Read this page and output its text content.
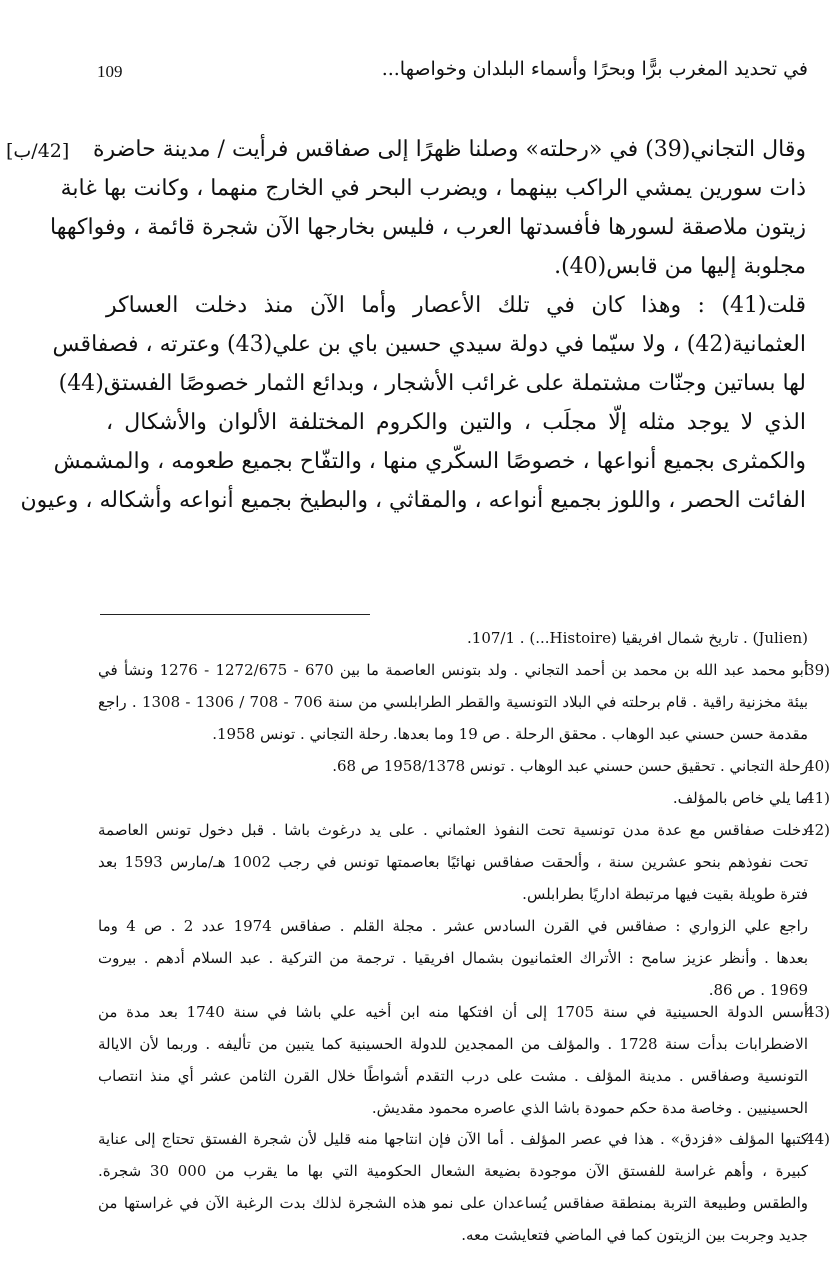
في تحديد المغرب برًّا وبحرًا وأسماء البلدان وخواصها...
109
[42/ب] وقال التجاني(39) في «رحلته» وصلنا ظهرًا إلى صفاقس فرأيت / مدينة حاضرة
ذات سورين يمشي الراكب بينهما ، ويضرب البحر في الخارج منهما ، وكانت بها غابة
زيتون ملاصقة لسورها فأفسدتها العرب ، فليس بخارجها الآن شجرة قائمة ، وفواكهها
مجلوبة إليها من قابس(40).
قلت(41) : وهذا كان في تلك الأعصار وأما الآن منذ دخلت العساكر
العثمانية(42) ، ولا سيّما في دولة سيدي حسين باي بن علي(43) وعترته ، فصفاقس
لها بساتين وجنّات مشتملة على غرائب الأشجار ، وبدائع الثمار خصوصًا الفستق(44)
الذي لا يوجد مثله إلّا مجلَب ، والتين والكروم المختلفة الألوان والأشكال ،
والكمثرى بجميع أنواعها ، خصوصًا السكّري منها ، والتفّاح بجميع طعومه ، والمشمش
الفائت الحصر ، واللوز بجميع أنواعه ، والمقاثي ، والبطيخ بجميع أنواعه وأشكاله ، وعيون
(Julien) . تاريخ شمال افريقيا (Histoire...) . 107/1.
39)
أبو محمد عبد الله بن محمد بن أحمد التجاني . ولد بتونس العاصمة ما بين 670 - 1272/675 - 1276 ونشأ في
بيئة مخزنية راقية . قام برحلته في البلاد التونسية والقطر الطرابلسي من سنة 706 - 708 / 1306 - 1308 . راجع
مقدمة حسن حسني عبد الوهاب . محقق الرحلة . ص 19 وما بعدها. رحلة التجاني . تونس 1958.
40)
رحلة التجاني . تحقيق حسن حسني عبد الوهاب . تونس 1958/1378 ص 68.
41)
ما يلي خاص بالمؤلف.
42)
دخلت صفاقس مع عدة مدن تونسية تحت النفوذ العثماني . على يد درغوث باشا . قبل دخول تونس العاصمة
تحت نفوذهم بنحو عشرين سنة ، وألحقت صفاقس نهائيًا بعاصمتها تونس في رجب 1002 هـ/مارس 1593 بعد
فترة طويلة بقيت فيها مرتبطة اداريًا بطرابلس.
راجع علي الزواري : صفاقس في القرن السادس عشر . مجلة القلم . صفاقس 1974 عدد 2 . ص 4 وما
بعدها . وأنظر عزيز سامح : الأتراك العثمانيون بشمال افريقيا . ترجمة من التركية . عبد السلام أدهم . بيروت
1969 . ص 86.
43)
أسس الدولة الحسينية في سنة 1705 إلى أن افتكها منه ابن أخيه علي باشا في سنة 1740 بعد مدة من
الاضطرابات بدأت سنة 1728 . والمؤلف من الممجدين للدولة الحسينية كما يتبين من تأليفه . وربما لأن الايالة
التونسية وصفاقس . مدينة المؤلف . مشت على درب التقدم أشواطًا خلال القرن الثامن عشر أي منذ انتصاب
الحسينيين . وخاصة مدة حكم حمودة باشا الذي عاصره محمود مقديش.
44)
كتبها المؤلف «فزدق» . هذا في عصر المؤلف . أما الآن فإن انتاجها منه قليل لأن شجرة الفستق تحتاج إلى عناية
كبيرة ، وأهم غراسة للفستق الآن موجودة بضيعة الشعال الحكومية التي بها ما يقرب من 000 30 شجرة.
والطقس وطبيعة التربة بمنطقة صفاقس يُساعدان على نمو هذه الشجرة لذلك بدت الرغبة الآن في غراستها من
جديد وجربت بين الزيتون كما في الماضي فتعايشت معه.
